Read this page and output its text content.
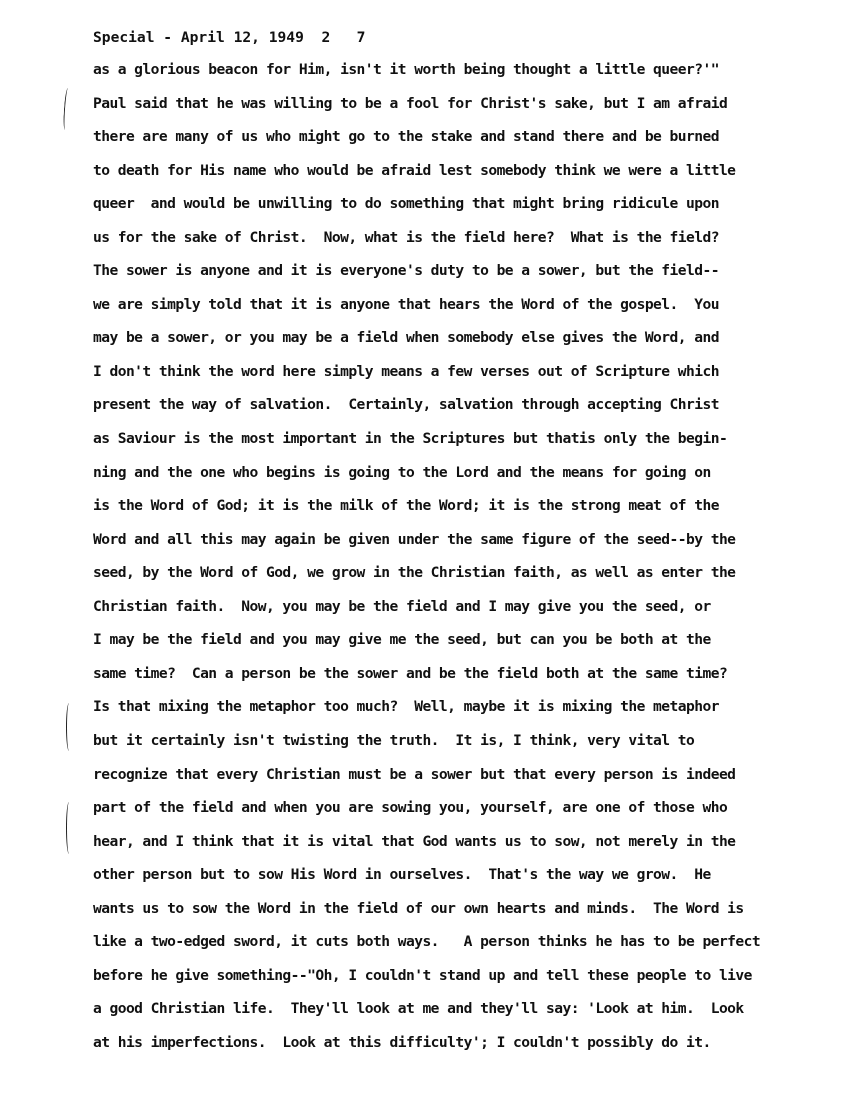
Special - April 12, 1949  2   7
as a glorious beacon for Him, isn't it worth being thought a little queer?'"
Paul said that he was willing to be a fool for Christ's sake, but I am afraid
there are many of us who might go to the stake and stand there and be burned
to death for His name who would be afraid lest somebody think we were a little
queer  and would be unwilling to do something that might bring ridicule upon
us for the sake of Christ.  Now, what is the field here?  What is the field?
The sower is anyone and it is everyone's duty to be a sower, but the field--
we are simply told that it is anyone that hears the Word of the gospel.  You
may be a sower, or you may be a field when somebody else gives the Word, and
I don't think the word here simply means a few verses out of Scripture which
present the way of salvation.  Certainly, salvation through accepting Christ
as Saviour is the most important in the Scriptures but thatis only the begin-
ning and the one who begins is going to the Lord and the means for going on
is the Word of God; it is the milk of the Word; it is the strong meat of the
Word and all this may again be given under the same figure of the seed--by the
seed, by the Word of God, we grow in the Christian faith, as well as enter the
Christian faith.  Now, you may be the field and I may give you the seed, or
I may be the field and you may give me the seed, but can you be both at the
same time?  Can a person be the sower and be the field both at the same time?
Is that mixing the metaphor too much?  Well, maybe it is mixing the metaphor
but it certainly isn't twisting the truth.  It is, I think, very vital to
recognize that every Christian must be a sower but that every person is indeed
part of the field and when you are sowing you, yourself, are one of those who
hear, and I think that it is vital that God wants us to sow, not merely in the
other person but to sow His Word in ourselves.  That's the way we grow.  He
wants us to sow the Word in the field of our own hearts and minds.  The Word is
like a two-edged sword, it cuts both ways.   A person thinks he has to be perfect
before he give something--"Oh, I couldn't stand up and tell these people to live
a good Christian life.  They'll look at me and they'll say: 'Look at him.  Look
at his imperfections.  Look at this difficulty'; I couldn't possibly do it.
